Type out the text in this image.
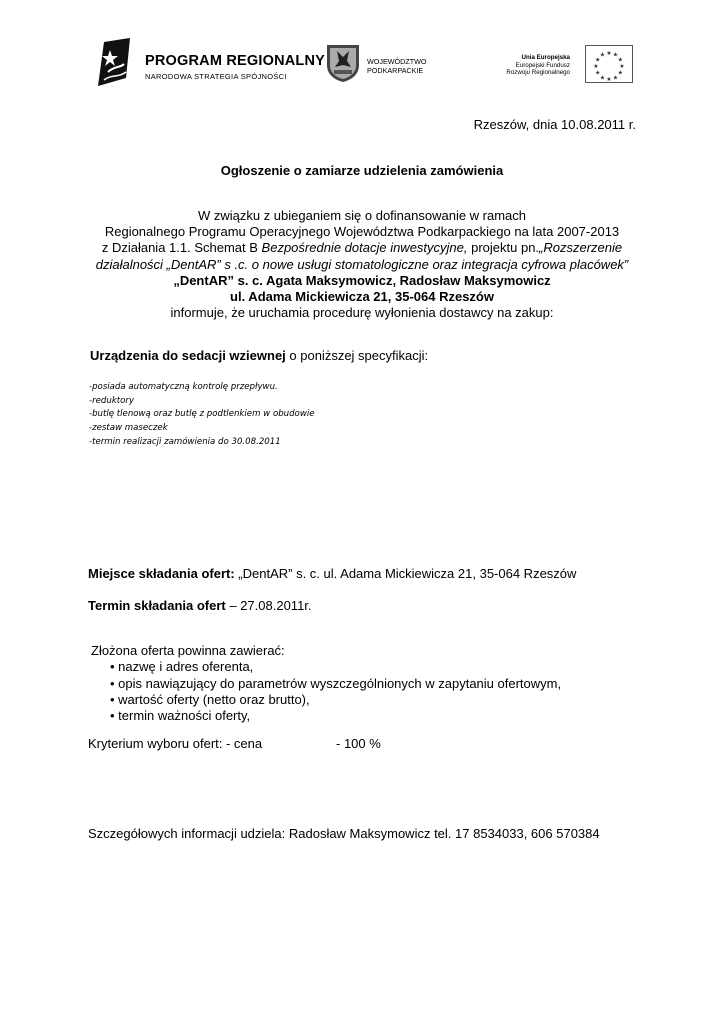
PROGRAM REGIONALNY
NARODOWA STRATEGIA SPÓJNOŚCI
WOJEWÓDZTWO
PODKARPACKIE
Unia Europejska
Europejski Fundusz
Rozwoju Regionalnego
★ ★
★
★
★
★
★
★
★
★
★
★
Rzeszów, dnia 10.08.2011 r.
Ogłoszenie o zamiarze udzielenia zamówienia
W związku z ubieganiem się o dofinansowanie w ramach
Regionalnego Programu Operacyjnego Województwa Podkarpackiego na lata 2007-2013
z Działania 1.1. Schemat B Bezpośrednie dotacje inwestycyjne, projektu pn.„Rozszerzenie
działalności „DentAR” s .c. o nowe usługi stomatologiczne oraz integracja cyfrowa placówek”
„DentAR” s. c. Agata Maksymowicz, Radosław Maksymowicz
ul. Adama Mickiewicza 21, 35-064 Rzeszów
informuje, że uruchamia procedurę wyłonienia dostawcy na zakup:
Urządzenia do sedacji wziewnej o poniższej specyfikacji:
-posiada automatyczną kontrolę przepływu.
-reduktory
-butlę tlenową oraz butlę z podtlenkiem w obudowie
-zestaw maseczek
-termin realizacji zamówienia do 30.08.2011
Miejsce składania ofert: „DentAR” s. c. ul. Adama Mickiewicza 21, 35-064 Rzeszów
Termin składania ofert – 27.08.2011r.
Złożona oferta powinna zawierać:
• nazwę i adres oferenta,
• opis nawiązujący do parametrów wyszczególnionych w zapytaniu ofertowym,
• wartość oferty (netto oraz brutto),
• termin ważności oferty,
Kryterium wyboru ofert: - cena	- 100 %
Szczegółowych informacji udziela: Radosław Maksymowicz tel. 17 8534033, 606 570384
